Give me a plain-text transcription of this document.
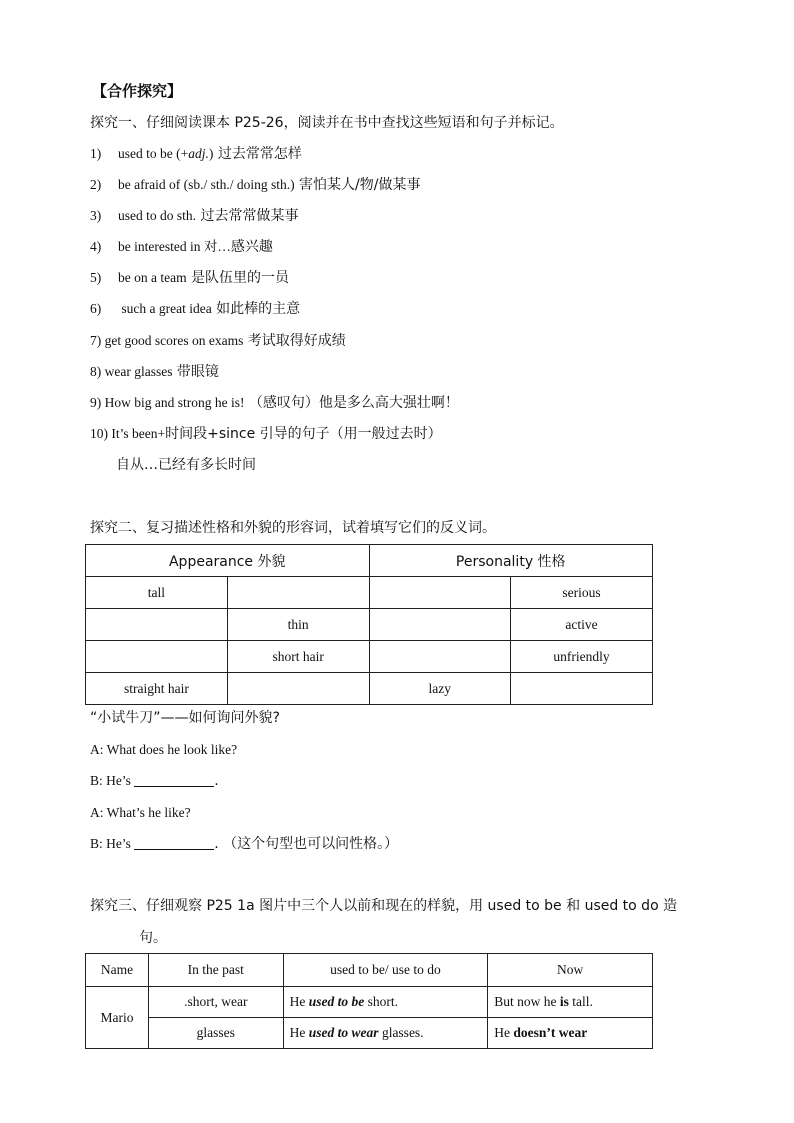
【合作探究】
探究一、仔细阅读课本 P25-26，阅读并在书中查找这些短语和句子并标记。
1) used to be (+adj.) 过去常常怎样
2) be afraid of (sb./ sth./ doing sth.) 害怕某人/物/做某事
3) used to do sth. 过去常常做某事
4) be interested in 对…感兴趣
5) be on a team 是队伍里的一员
6) such a great idea 如此棒的主意
7) get good scores on exams 考试取得好成绩
8) wear glasses 带眼镜
9) How big and strong he is! （感叹句）他是多么高大强壮啊！
10) It’s been+时间段+since 引导的句子（用一般过去时）
自从…已经有多长时间
探究二、复习描述性格和外貌的形容词，试着填写它们的反义词。
Appearance 外貌		Personality 性格	
tall			serious
	thin		active
	short hair		unfriendly
straight hair		lazy	
“小试牛刀”——如何询问外貌?
A: What does he look like?
B: He’s	.
A: What’s he like?
B: He’s	. （这个句型也可以问性格。）
探究三、仔细观察 P25 1a 图片中三个人以前和现在的样貌，用 used to be 和 used to do 造
句。
Name	In the past	used to be/ use to do	Now
Mario	.short, wear	He used to be short.	But now he is tall.
	glasses	He used to wear glasses.	He doesn’t wear
